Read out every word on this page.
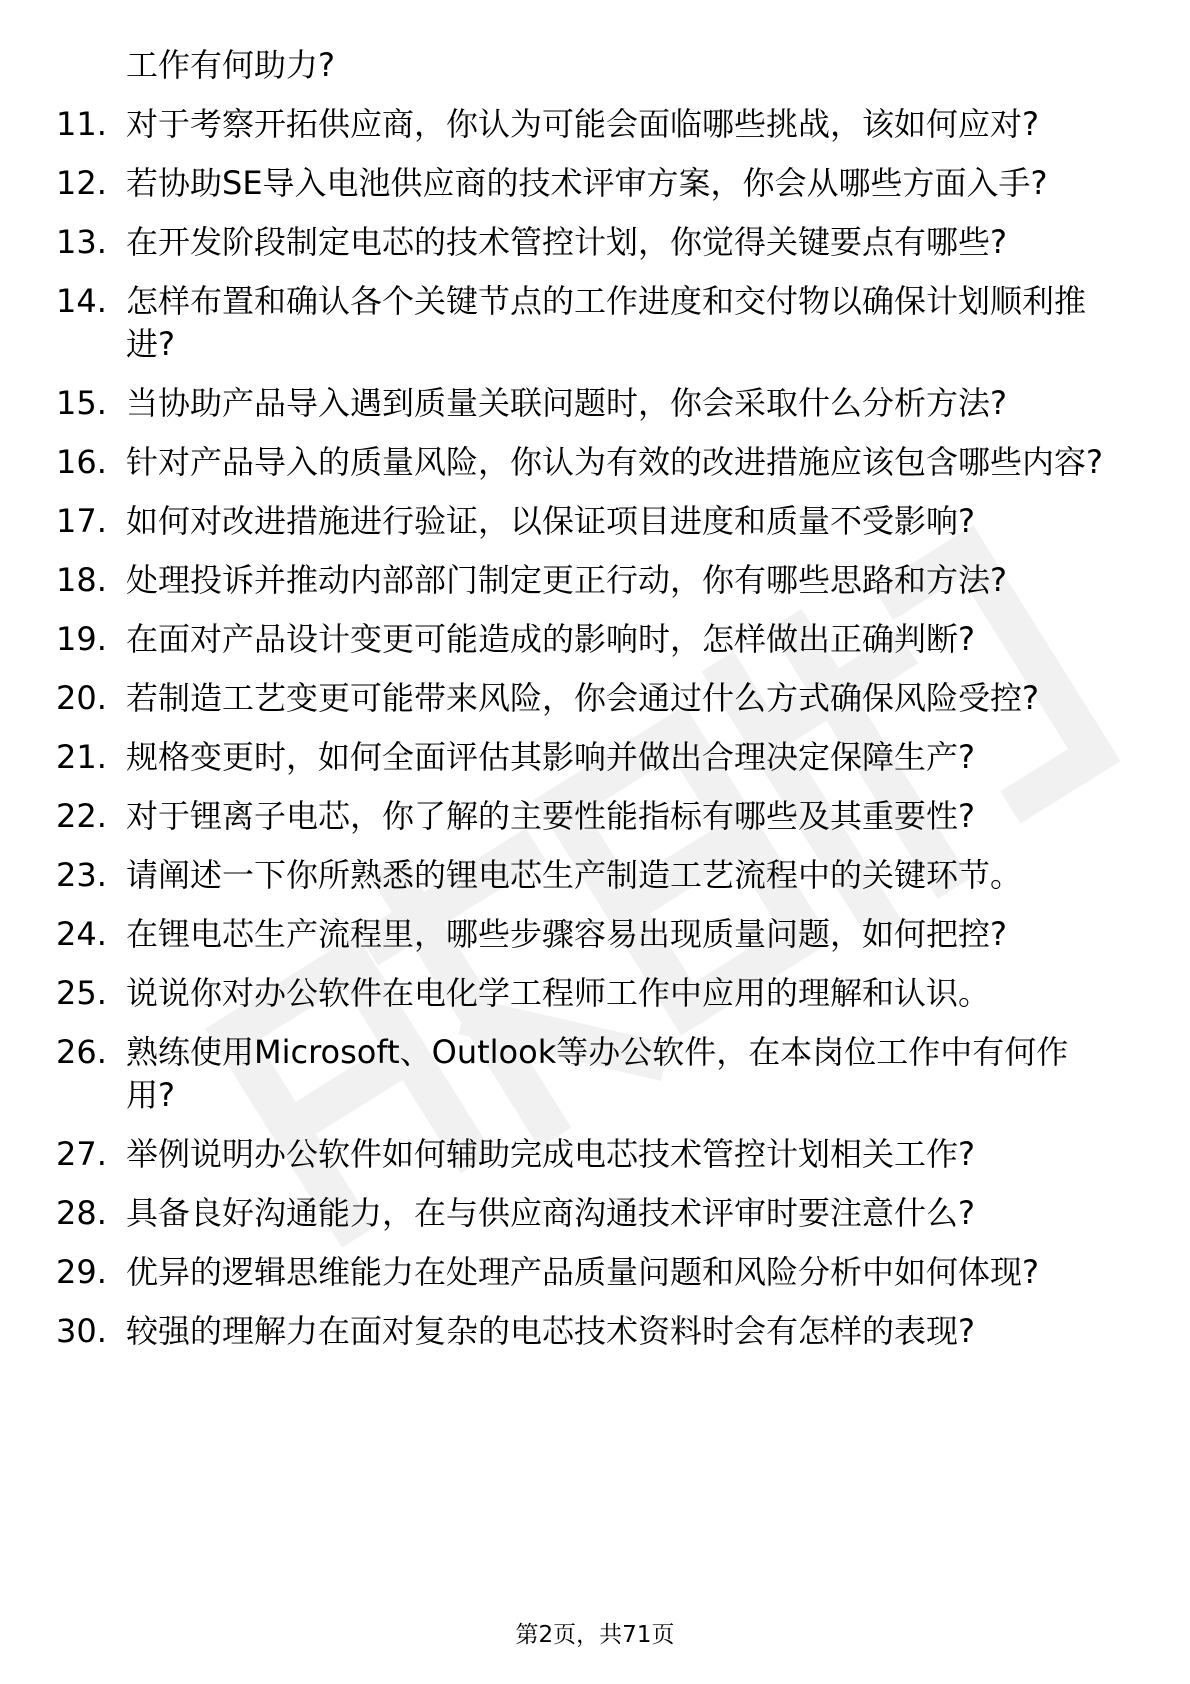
工作有何助力?
11. 对于考察开拓供应商，你认为可能会面临哪些挑战，该如何应对?
12. 若协助SE导入电池供应商的技术评审方案，你会从哪些方面入手?
13. 在开发阶段制定电芯的技术管控计划，你觉得关键要点有哪些?
14. 怎样布置和确认各个关键节点的工作进度和交付物以确保计划顺利推进?
15. 当协助产品导入遇到质量关联问题时，你会采取什么分析方法?
16. 针对产品导入的质量风险，你认为有效的改进措施应该包含哪些内容?
17. 如何对改进措施进行验证，以保证项目进度和质量不受影响?
18. 处理投诉并推动内部部门制定更正行动，你有哪些思路和方法?
19. 在面对产品设计变更可能造成的影响时，怎样做出正确判断?
20. 若制造工艺变更可能带来风险，你会通过什么方式确保风险受控?
21. 规格变更时，如何全面评估其影响并做出合理决定保障生产?
22. 对于锂离子电芯，你了解的主要性能指标有哪些及其重要性?
23. 请阐述一下你所熟悉的锂电芯生产制造工艺流程中的关键环节。
24. 在锂电芯生产流程里，哪些步骤容易出现质量问题，如何把控?
25. 说说你对办公软件在电化学工程师工作中应用的理解和认识。
26. 熟练使用Microsoft、Outlook等办公软件，在本岗位工作中有何作用?
27. 举例说明办公软件如何辅助完成电芯技术管控计划相关工作?
28. 具备良好沟通能力，在与供应商沟通技术评审时要注意什么?
29. 优异的逻辑思维能力在处理产品质量问题和风险分析中如何体现?
30. 较强的理解力在面对复杂的电芯技术资料时会有怎样的表现?
第2页，共71页
